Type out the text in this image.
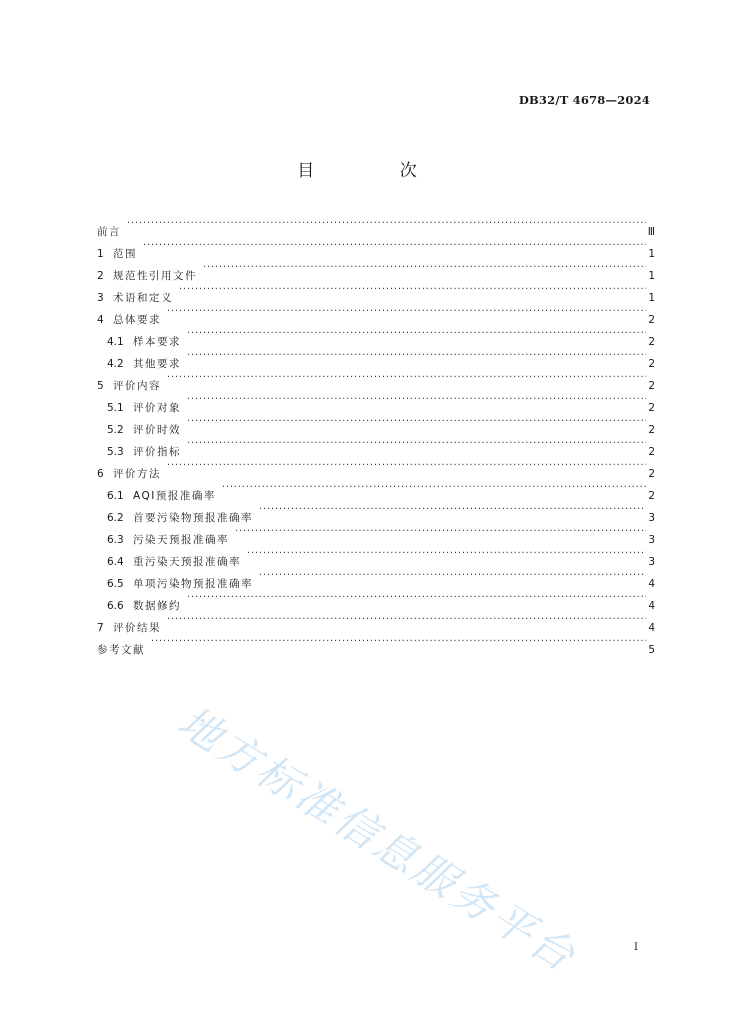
DB32/T 4678—2024
目 次
前言 ·····	Ⅲ
1 范围 ·····	1
2 规范性引用文件 ·····	1
3 术语和定义 ·····	1
4 总体要求 ·····	2
4.1 样本要求 ·····	2
4.2 其他要求 ·····	2
5 评价内容 ·····	2
5.1 评价对象 ·····	2
5.2 评价时效 ·····	2
5.3 评价指标 ·····	2
6 评价方法 ·····	2
6.1 AQI预报准确率 ·····	2
6.2 首要污染物预报准确率 ·····	3
6.3 污染天预报准确率 ·····	3
6.4 重污染天预报准确率 ·····	3
6.5 单项污染物预报准确率 ·····	4
6.6 数据修约 ·····	4
7 评价结果 ·····	4
参考文献 ·····	5
地方标准信息服务平台	I
